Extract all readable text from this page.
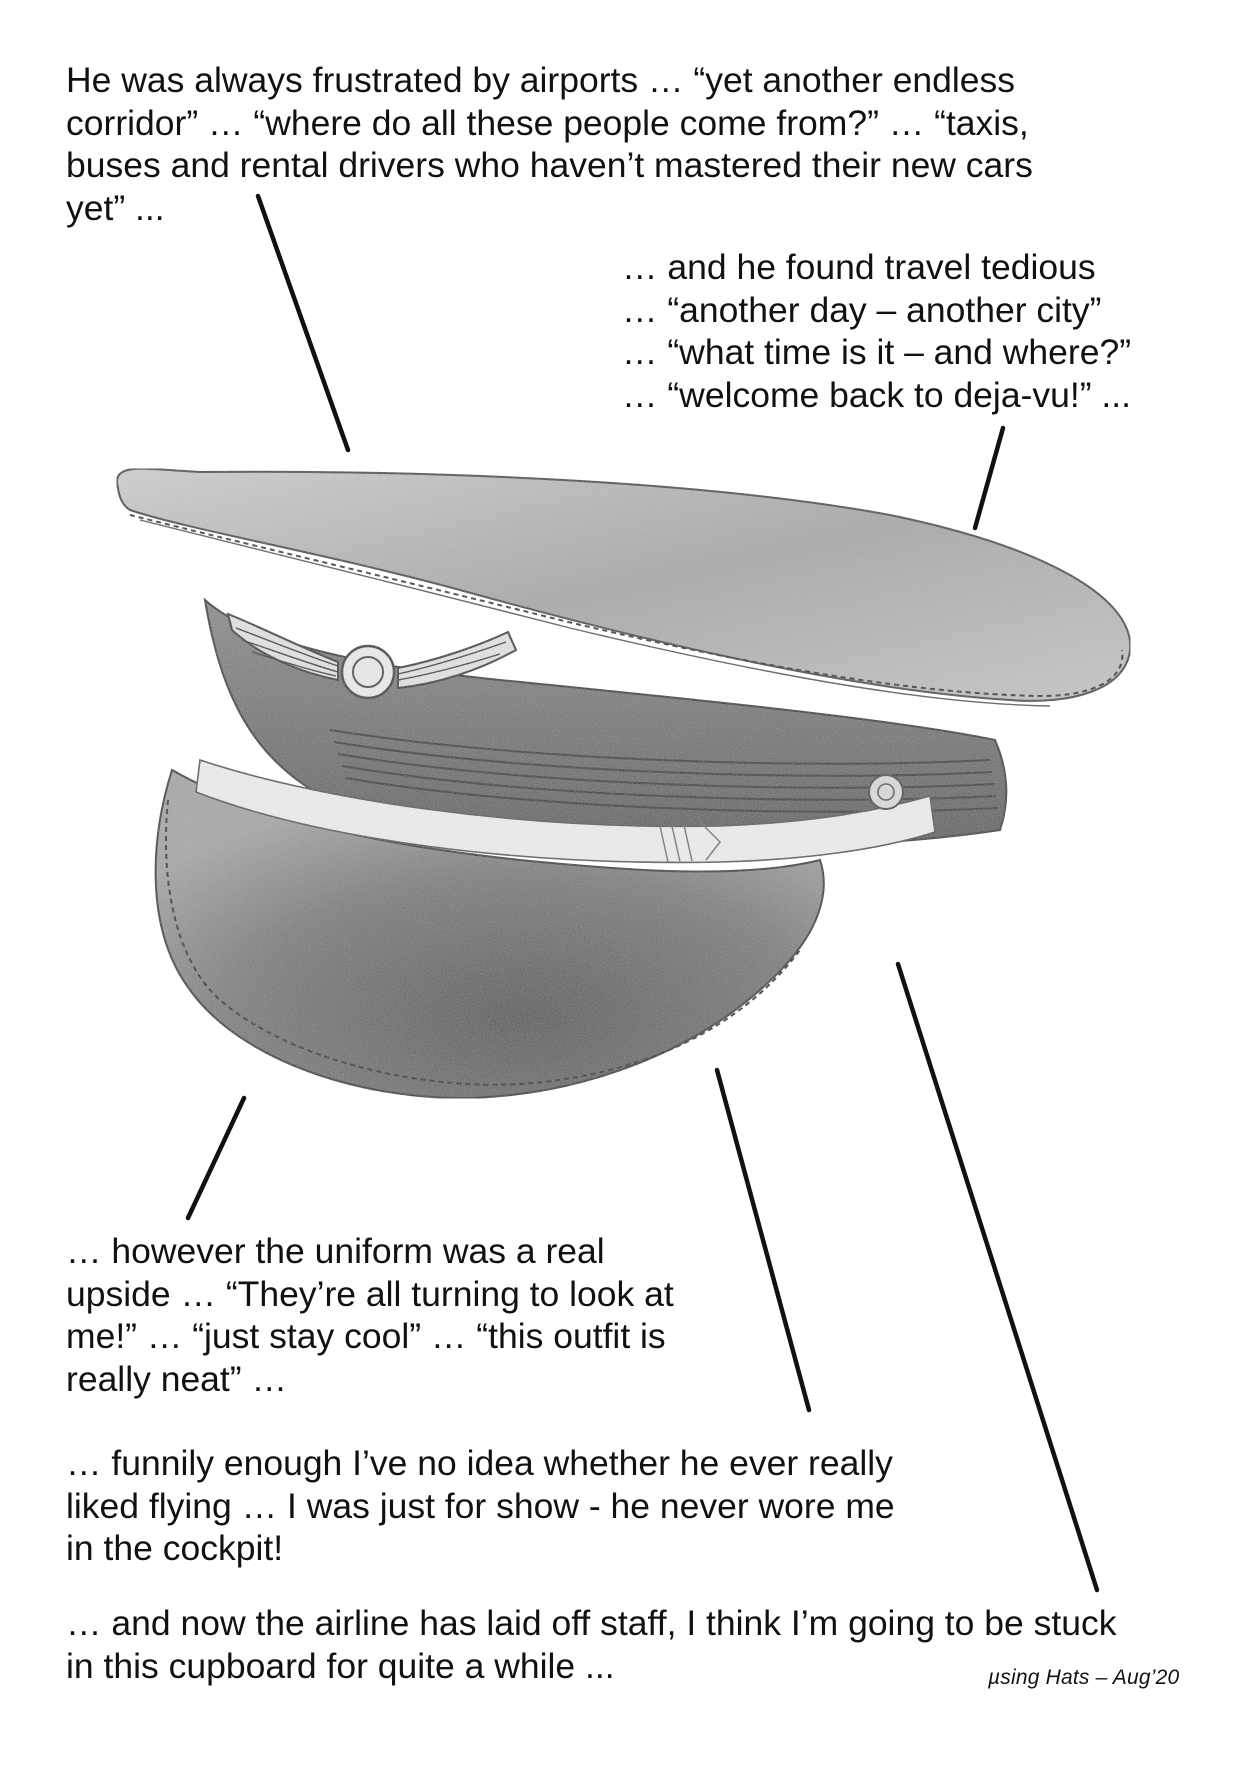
He was always frustrated by airports … “yet another endless
corridor” … “where do all these people come from?” … “taxis,
buses and rental drivers who haven’t mastered their new cars
yet” ...
… and he found travel tedious
… “another day – another city”
… “what time is it – and where?”
… “welcome back to deja-vu!” ...
… however the uniform was a real
upside … “They’re all turning to look at
me!” … “just stay cool” … “this outfit is
really neat” …
… funnily enough I’ve no idea whether he ever really
liked flying … I was just for show - he never wore me
in the cockpit!
… and now the airline has laid off staff, I think I’m going to be stuck
in this cupboard for quite a while ...	µsing Hats – Aug’20
